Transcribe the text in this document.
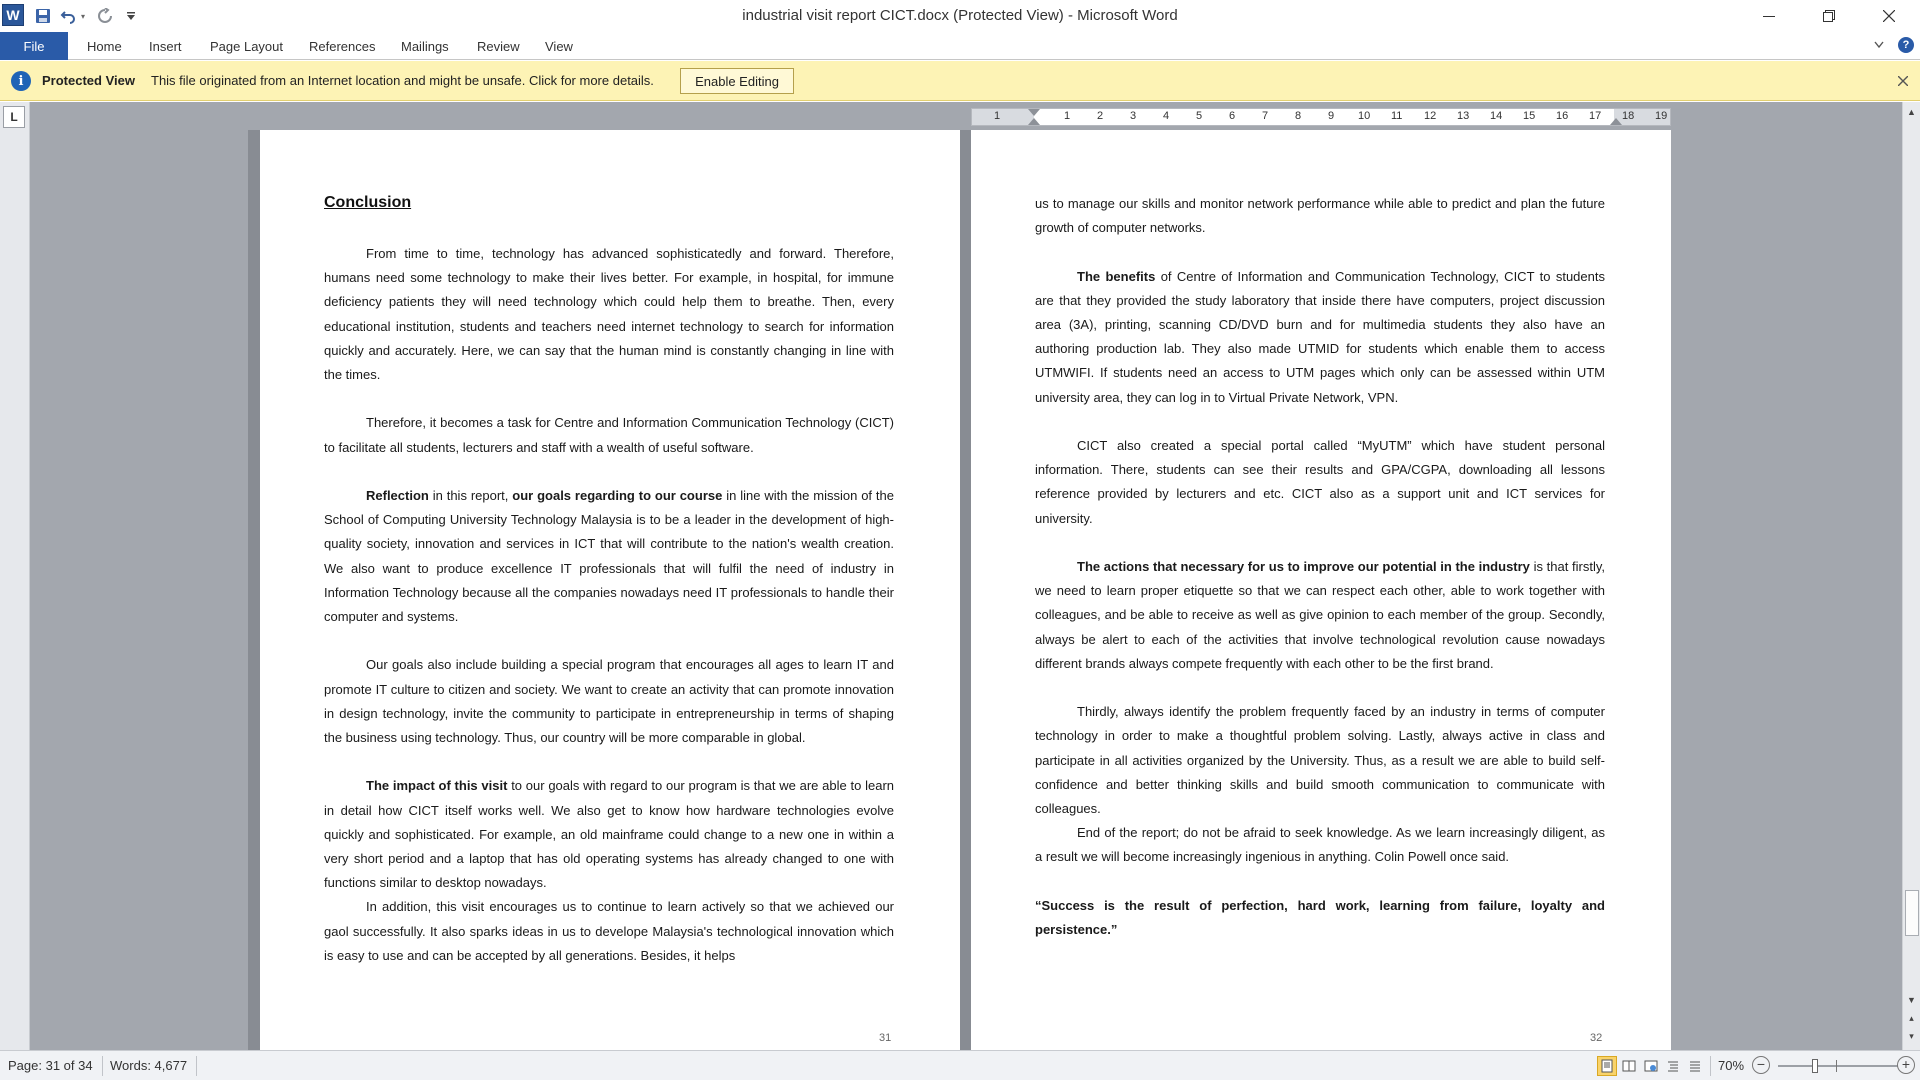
W	▾	industrial visit report CICT.docx (Protected View) - Microsoft Word
File	Home Insert Page Layout References Mailings Review View	?
i	Protected View This file originated from an Internet location and might be unsafe. Click for more details.	Enable Editing
L	1	1 2 3 4 5 6 7 8 9 10 11 12 13 14 15 16 17 18 19
Conclusion

From time to time, technology has advanced sophisticatedly and forward. Therefore, humans need some technology to make their lives better. For example, in hospital, for immune deficiency patients they will need technology which could help them to breathe. Then, every educational institution, students and teachers need internet technology to search for information quickly and accurately. Here, we can say that the human mind is constantly changing in line with the times.

Therefore, it becomes a task for Centre and Information Communication Technology (CICT) to facilitate all students, lecturers and staff with a wealth of useful software.

Reflection in this report, our goals regarding to our course in line with the mission of the School of Computing University Technology Malaysia is to be a leader in the development of high-quality society, innovation and services in ICT that will contribute to the nation's wealth creation. We also want to produce excellence IT professionals that will fulfil the need of industry in Information Technology because all the companies nowadays need IT professionals to handle their computer and systems.

Our goals also include building a special program that encourages all ages to learn IT and promote IT culture to citizen and society. We want to create an activity that can promote innovation in design technology, invite the community to participate in entrepreneurship in terms of shaping the business using technology. Thus, our country will be more comparable in global.

The impact of this visit to our goals with regard to our program is that we are able to learn in detail how CICT itself works well. We also get to know how hardware technologies evolve quickly and sophisticated. For example, an old mainframe could change to a new one in within a very short period and a laptop that has old operating systems has already changed to one with functions similar to desktop nowadays.

In addition, this visit encourages us to continue to learn actively so that we achieved our gaol successfully. It also sparks ideas in us to develope Malaysia's technological innovation which is easy to use and can be accepted by all generations. Besides, it helps

31

us to manage our skills and monitor network performance while able to predict and plan the future growth of computer networks.

The benefits of Centre of Information and Communication Technology, CICT to students are that they provided the study laboratory that inside there have computers, project discussion area (3A), printing, scanning CD/DVD burn and for multimedia students they also have an authoring production lab. They also made UTMID for students which enable them to access UTMWIFI. If students need an access to UTM pages which only can be assessed within UTM university area, they can log in to Virtual Private Network, VPN.

CICT also created a special portal called “MyUTM” which have student personal information. There, students can see their results and GPA/CGPA, downloading all lessons reference provided by lecturers and etc. CICT also as a support unit and ICT services for university.

The actions that necessary for us to improve our potential in the industry is that firstly, we need to learn proper etiquette so that we can respect each other, able to work together with colleagues, and be able to receive as well as give opinion to each member of the group. Secondly, always be alert to each of the activities that involve technological revolution cause nowadays different brands always compete frequently with each other to be the first brand.

Thirdly, always identify the problem frequently faced by an industry in terms of computer technology in order to make a thoughtful problem solving. Lastly, always active in class and participate in all activities organized by the University. Thus, as a result we are able to build self-confidence and better thinking skills and build smooth communication to communicate with colleagues.

End of the report; do not be afraid to seek knowledge. As we learn increasingly diligent, as a result we will become increasingly ingenious in anything. Colin Powell once said.

“Success is the result of perfection, hard work, learning from failure, loyalty and persistence.”

32
▲
▼
▴
▾
Page: 31 of 34 Words: 4,677	70% −	+
